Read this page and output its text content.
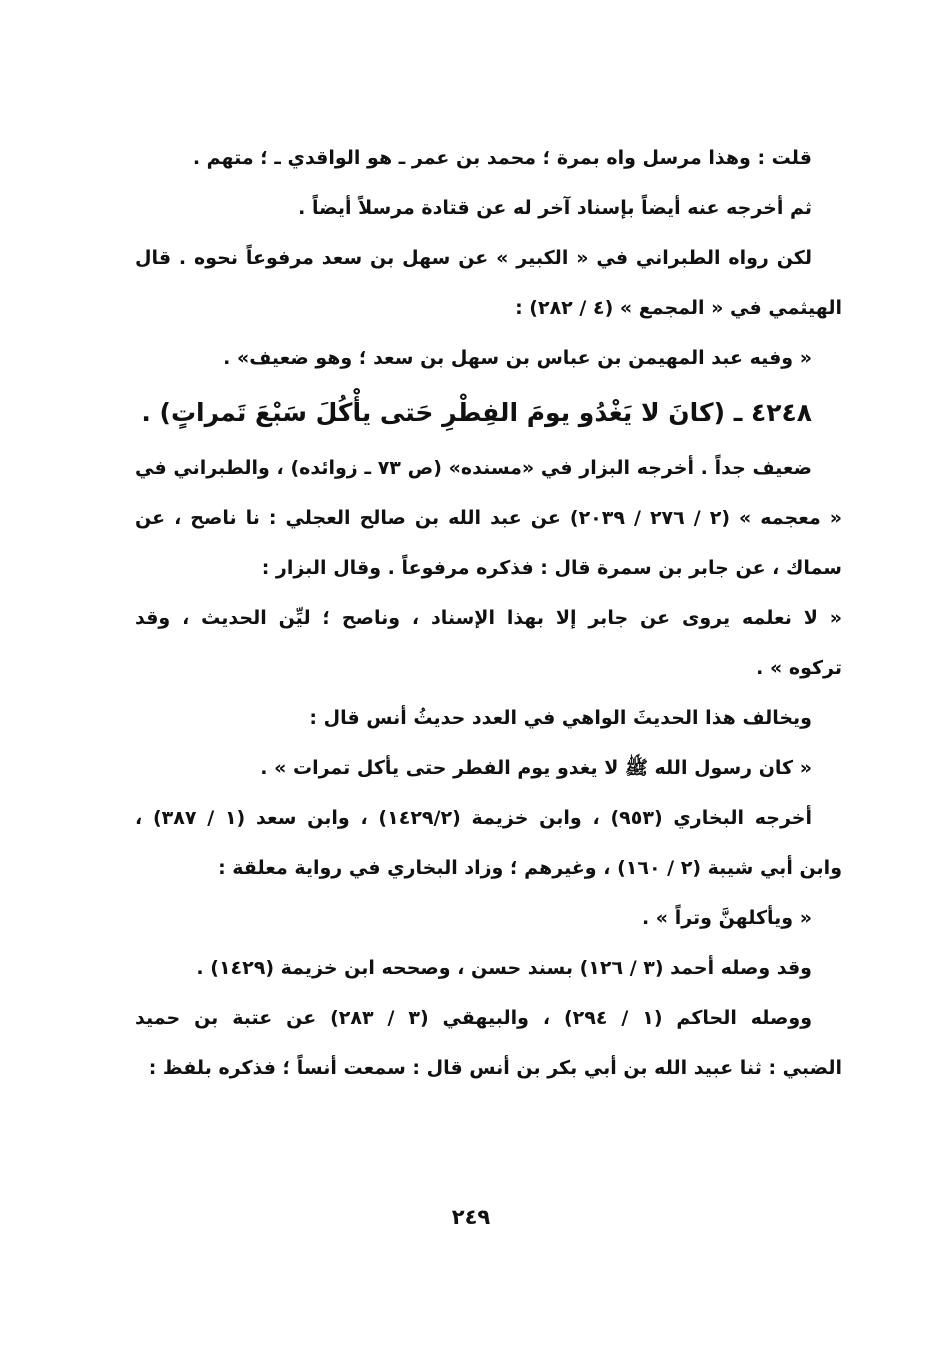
قلت : وهذا مرسل واه بمرة ؛ محمد بن عمر ـ هو الواقدي ـ ؛ متهم .
ثم أخرجه عنه أيضاً بإسناد آخر له عن قتادة مرسلاً أيضاً .
لكن رواه الطبراني في « الكبير » عن سهل بن سعد مرفوعاً نحوه . قال
الهيثمي في « المجمع » (٤ / ٢٨٢) :
« وفيه عبد المهيمن بن عباس بن سهل بن سعد ؛ وهو ضعيف» .
٤٢٤٨ ـ (كانَ لا يَغْدُو يومَ الفِطْرِ حَتى يأْكُلَ سَبْعَ تَمراتٍ) .
ضعيف جداً . أخرجه البزار في «مسنده» (ص ٧٣ ـ زوائده) ، والطبراني في
« معجمه » (٢ / ٢٧٦ / ٢٠٣٩) عن عبد الله بن صالح العجلي : نا ناصح ، عن
سماك ، عن جابر بن سمرة قال : فذكره مرفوعاً . وقال البزار :
« لا نعلمه يروى عن جابر إلا بهذا الإسناد ، وناصح ؛ ليِّن الحديث ، وقد
تركوه » .
ويخالف هذا الحديثَ الواهي في العدد حديثُ أنس قال :
« كان رسول الله ﷺ لا يغدو يوم الفطر حتى يأكل تمرات » .
أخرجه البخاري (٩٥٣) ، وابن خزيمة (١٤٢٩/٢) ، وابن سعد (١ / ٣٨٧) ،
وابن أبي شيبة (٢ / ١٦٠) ، وغيرهم ؛ وزاد البخاري في رواية معلقة :
« ويأكلهنَّ وتراً » .
وقد وصله أحمد (٣ / ١٢٦) بسند حسن ، وصححه ابن خزيمة (١٤٢٩) .
ووصله الحاكم (١ / ٢٩٤) ، والبيهقي (٣ / ٢٨٣) عن عتبة بن حميد
الضبي : ثنا عبيد الله بن أبي بكر بن أنس قال : سمعت أنساً ؛ فذكره بلفظ :
٢٤٩
